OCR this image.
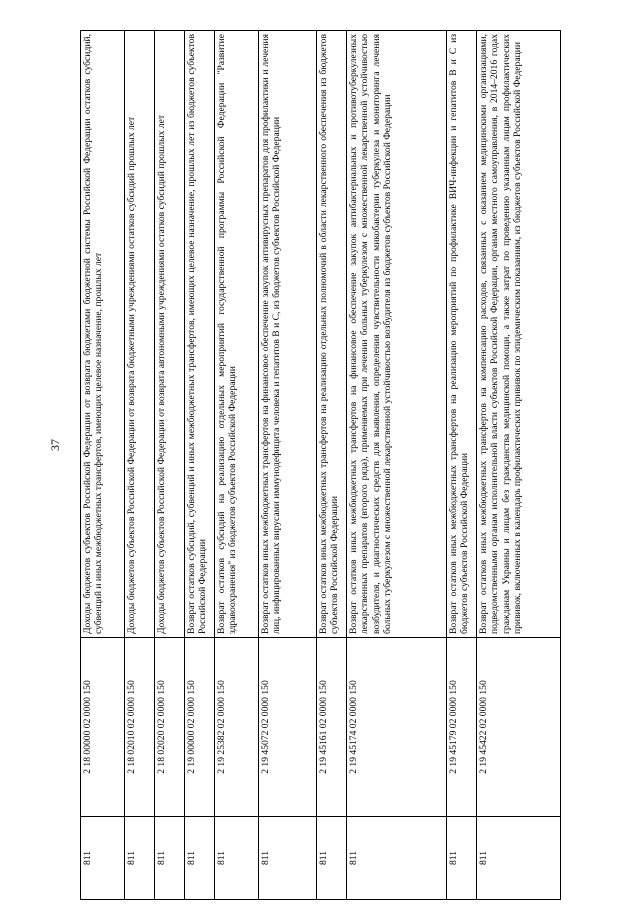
37
811	2 18 00000 02 0000 150	Доходы бюджетов субъектов Российской Федерации от возврата бюджетами бюджетной системы Российской Федерации остатков субсидий, субвенций и иных межбюджетных трансфертов, имеющих целевое назначение, прошлых лет
811	2 18 02010 02 0000 150	Доходы бюджетов субъектов Российской Федерации от возврата бюджетными учреждениями остатков субсидий прошлых лет
811	2 18 02020 02 0000 150	Доходы бюджетов субъектов Российской Федерации от возврата автономными учреждениями остатков субсидий прошлых лет
811	2 19 00000 02 0000 150	Возврат остатков субсидий, субвенций и иных межбюджетных трансфертов, имеющих целевое назначение, прошлых лет из бюджетов субъектов Российской Федерации
811	2 19 25382 02 0000 150	Возврат остатков субсидий на реализацию отдельных мероприятий государственной программы Российской Федерации "Развитие здравоохранения" из бюджетов субъектов Российской Федерации
811	2 19 45072 02 0000 150	Возврат остатков иных межбюджетных трансфертов на финансовое обеспечение закупок антивирусных препаратов для профилактики и лечения лиц, инфицированных вирусами иммунодефицита человека и гепатитов В и С, из бюджетов субъектов Российской Федерации
811	2 19 45161 02 0000 150	Возврат остатков иных межбюджетных трансфертов на реализацию отдельных полномочий в области лекарственного обеспечения из бюджетов субъектов Российской Федерации
811	2 19 45174 02 0000 150	Возврат остатков иных межбюджетных трансфертов на финансовое обеспечение закупок антибактериальных и противотуберкулезных лекарственных препаратов (второго ряда), применяемых при лечении больных туберкулезом с множественной лекарственной устойчивостью возбудителя, и диагностических средств для выявления, определения чувствительности микобактерии туберкулеза и мониторинга лечения больных туберкулезом с множественной лекарственной устойчивостью возбудителя из бюджетов субъектов Российской Федерации
811	2 19 45179 02 0000 150	Возврат остатков иных межбюджетных трансфертов на реализацию мероприятий по профилактике ВИЧ-инфекции и гепатитов В и С из бюджетов субъектов Российской Федерации
811	2 19 45422 02 0000 150	Возврат остатков иных межбюджетных трансфертов на компенсацию расходов, связанных с оказанием медицинскими организациями, подведомственными органам исполнительной власти субъектов Российской Федерации, органам местного самоуправления, в 2014–2016 годах гражданам Украины и лицам без гражданства медицинской помощи, а также затрат по проведению указанным лицам профилактических прививок, включенных в календарь профилактических прививок по эпидемическим показаниям, из бюджетов субъектов Российской Федерации
